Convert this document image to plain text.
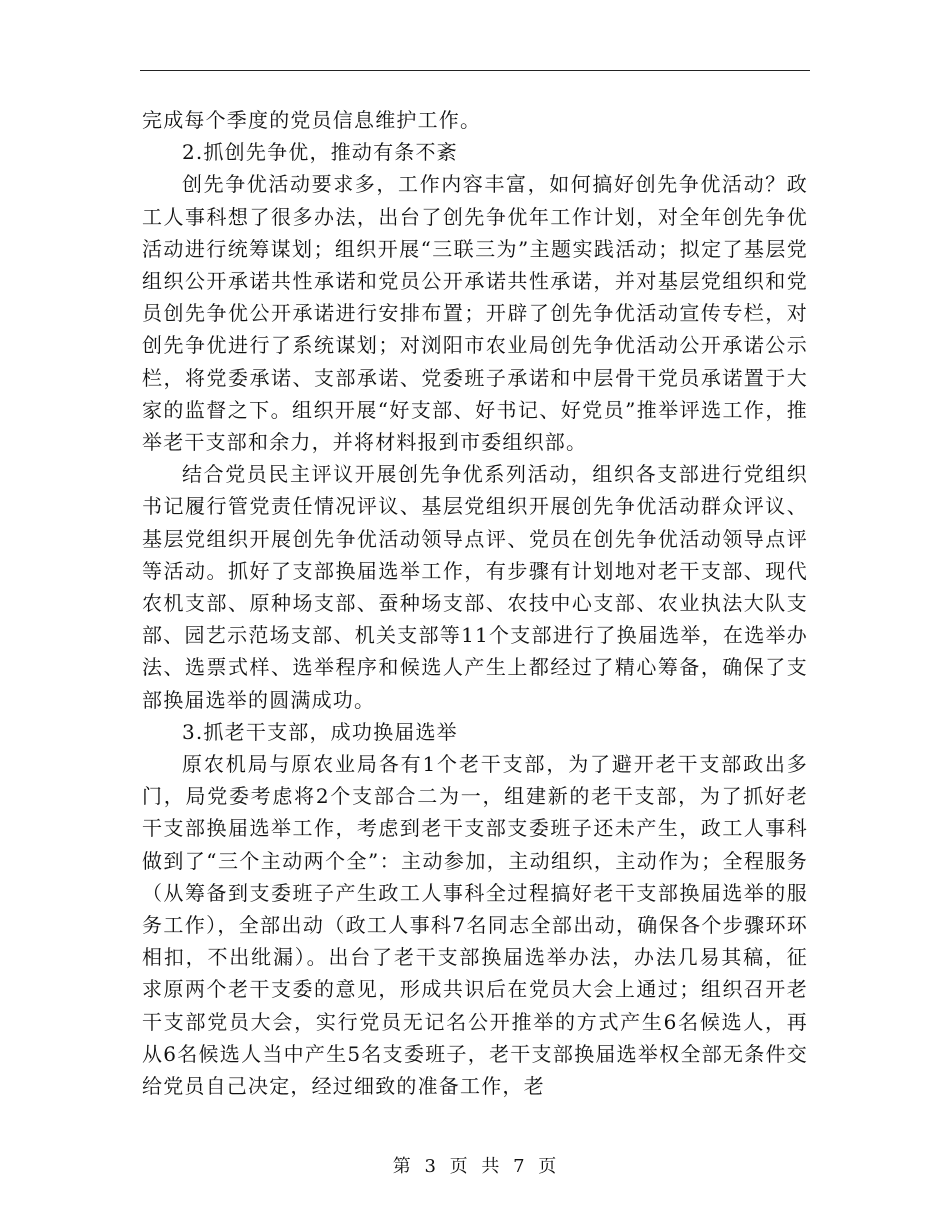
完成每个季度的党员信息维护工作。

2.抓创先争优，推动有条不紊

创先争优活动要求多，工作内容丰富，如何搞好创先争优活动？政工人事科想了很多办法，出台了创先争优年工作计划，对全年创先争优活动进行统筹谋划；组织开展“三联三为”主题实践活动；拟定了基层党组织公开承诺共性承诺和党员公开承诺共性承诺，并对基层党组织和党员创先争优公开承诺进行安排布置；开辟了创先争优活动宣传专栏，对创先争优进行了系统谋划；对浏阳市农业局创先争优活动公开承诺公示栏，将党委承诺、支部承诺、党委班子承诺和中层骨干党员承诺置于大家的监督之下。组织开展“好支部、好书记、好党员”推举评选工作，推举老干支部和余力，并将材料报到市委组织部。

结合党员民主评议开展创先争优系列活动，组织各支部进行党组织书记履行管党责任情况评议、基层党组织开展创先争优活动群众评议、基层党组织开展创先争优活动领导点评、党员在创先争优活动领导点评等活动。抓好了支部换届选举工作，有步骤有计划地对老干支部、现代农机支部、原种场支部、蚕种场支部、农技中心支部、农业执法大队支部、园艺示范场支部、机关支部等11个支部进行了换届选举，在选举办法、选票式样、选举程序和候选人产生上都经过了精心筹备，确保了支部换届选举的圆满成功。

3.抓老干支部，成功换届选举

原农机局与原农业局各有1个老干支部，为了避开老干支部政出多门，局党委考虑将2个支部合二为一，组建新的老干支部，为了抓好老干支部换届选举工作，考虑到老干支部支委班子还未产生，政工人事科做到了“三个主动两个全”：主动参加，主动组织，主动作为；全程服务（从筹备到支委班子产生政工人事科全过程搞好老干支部换届选举的服务工作），全部出动（政工人事科7名同志全部出动，确保各个步骤环环相扣，不出纰漏）。出台了老干支部换届选举办法，办法几易其稿，征求原两个老干支委的意见，形成共识后在党员大会上通过；组织召开老干支部党员大会，实行党员无记名公开推举的方式产生6名候选人，再从6名候选人当中产生5名支委班子，老干支部换届选举权全部无条件交给党员自己决定，经过细致的准备工作，老

第 3 页 共 7 页
